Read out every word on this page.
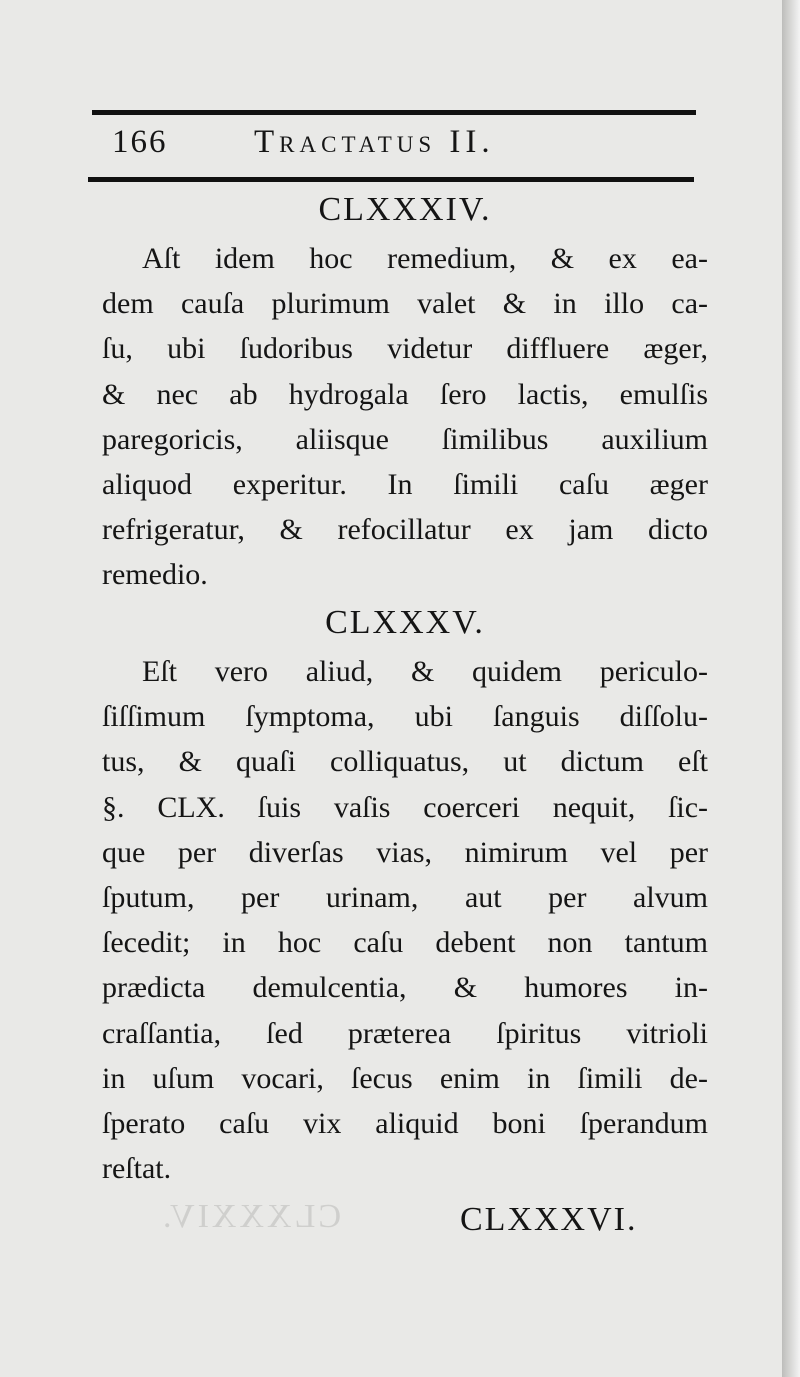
166	Tractatus II.
CLXXXIV.
Aſt idem hoc remedium, & ex ea-
dem cauſa plurimum valet & in illo ca-
ſu, ubi ſudoribus videtur diffluere æger,
& nec ab hydrogala ſero lactis, emulſis
paregoricis, aliisque ſimilibus auxilium
aliquod experitur. In ſimili caſu æger
refrigeratur, & refocillatur ex jam dicto
remedio.
CLXXXV.
Eſt vero aliud, & quidem periculo-
ſiſſimum ſymptoma, ubi ſanguis diſſolu-
tus, & quaſi colliquatus, ut dictum eſt
§. CLX. ſuis vaſis coerceri nequit, ſic-
que per diverſas vias, nimirum vel per
ſputum, per urinam, aut per alvum
ſecedit; in hoc caſu debent non tantum
prædicta demulcentia, & humores in-
craſſantia, ſed præterea ſpiritus vitrioli
in uſum vocari, ſecus enim in ſimili de-
ſperato caſu vix aliquid boni ſperandum
reſtat.
CLXXXIV.	CLXXXVI.
